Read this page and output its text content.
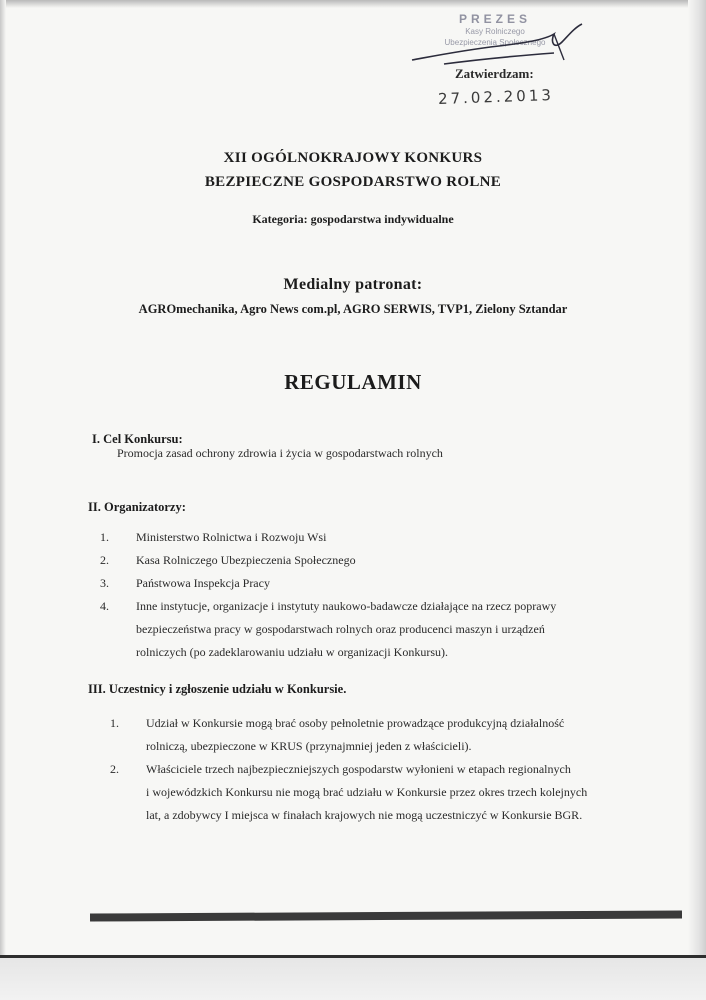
PREZES
Kasy Rolniczego
Ubezpieczenia Społecznego
Zatwierdzam:
27.02.2013
XII OGÓLNOKRAJOWY KONKURS
BEZPIECZNE GOSPODARSTWO ROLNE
Kategoria: gospodarstwa indywidualne
Medialny patronat:
AGROmechanika, Agro News com.pl, AGRO SERWIS, TVP1, Zielony Sztandar
REGULAMIN
I. Cel Konkursu:
Promocja zasad ochrony zdrowia i życia w gospodarstwach rolnych
II. Organizatorzy:
1.	Ministerstwo Rolnictwa i Rozwoju Wsi
2.	Kasa Rolniczego Ubezpieczenia Społecznego
3.	Państwowa Inspekcja Pracy
4.	Inne instytucje, organizacje i instytuty naukowo-badawcze działające na rzecz poprawy
bezpieczeństwa pracy w gospodarstwach rolnych oraz producenci maszyn i urządzeń
rolniczych (po zadeklarowaniu udziału w organizacji Konkursu).
III. Uczestnicy i zgłoszenie udziału w Konkursie.
1.	Udział w Konkursie mogą brać osoby pełnoletnie prowadzące produkcyjną działalność
rolniczą, ubezpieczone w KRUS (przynajmniej jeden z właścicieli).
2.	Właściciele trzech najbezpieczniejszych gospodarstw wyłonieni w etapach regionalnych
i wojewódzkich Konkursu nie mogą brać udziału w Konkursie przez okres trzech kolejnych
lat, a zdobywcy I miejsca w finałach krajowych nie mogą uczestniczyć w Konkursie BGR.
